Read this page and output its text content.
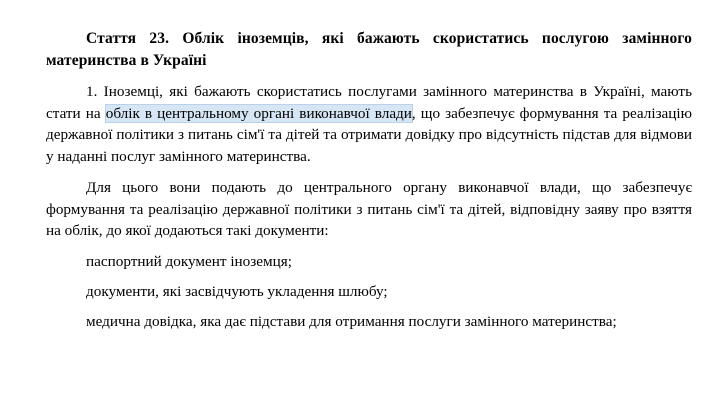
Стаття 23. Облік іноземців, які бажають скористатись послугою замінного материнства в Україні

1. Іноземці, які бажають скористатись послугами замінного материнства в Україні, мають стати на облік в центральному органі виконавчої влади, що забезпечує формування та реалізацію державної політики з питань сім'ї та дітей та отримати довідку про відсутність підстав для відмови у наданні послуг замінного материнства.

Для цього вони подають до центрального органу виконавчої влади, що забезпечує формування та реалізацію державної політики з питань сім'ї та дітей, відповідну заяву про взяття на облік, до якої додаються такі документи:

паспортний документ іноземця;

документи, які засвідчують укладення шлюбу;

медична довідка, яка дає підстави для отримання послуги замінного материнства;
